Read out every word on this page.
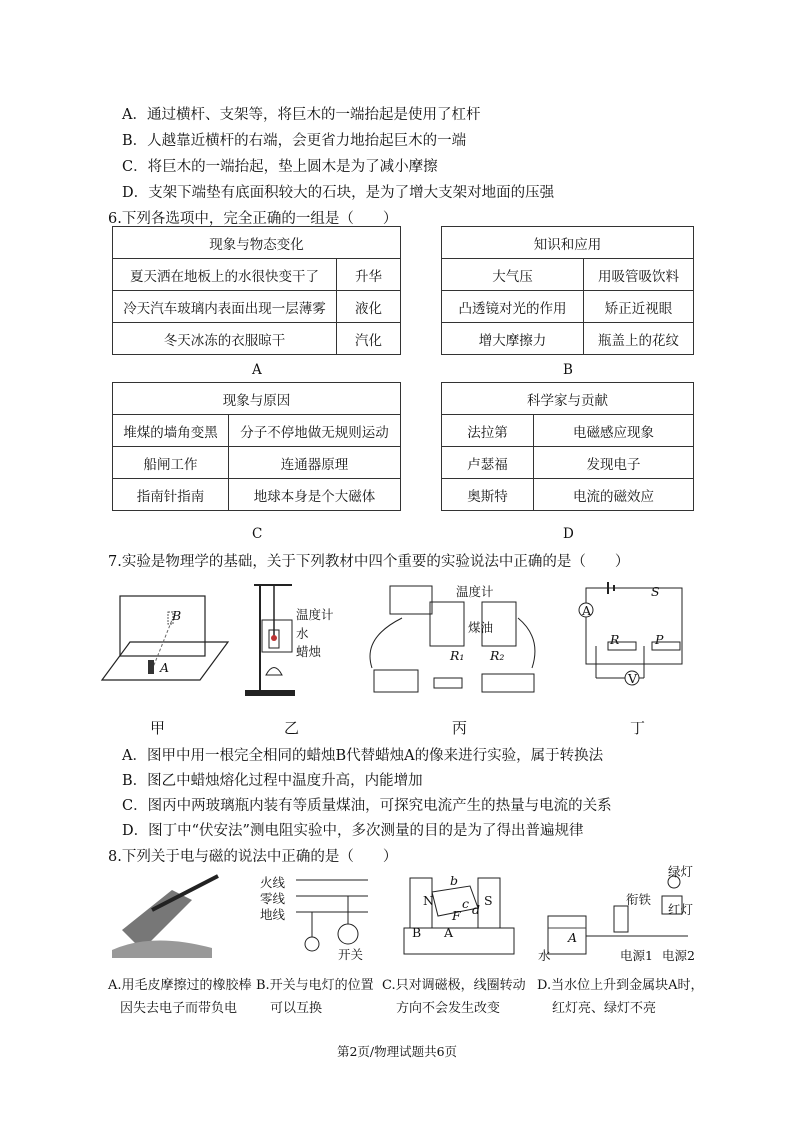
A．通过横杆、支架等，将巨木的一端抬起是使用了杠杆
B．人越靠近横杆的右端，会更省力地抬起巨木的一端
C．将巨木的一端抬起，垫上圆木是为了减小摩擦
D．支架下端垫有底面积较大的石块，是为了增大支架对地面的压强
6.下列各选项中，完全正确的一组是（　　）
现象与物态变化	
夏天洒在地板上的水很快变干了	升华
冷天汽车玻璃内表面出现一层薄雾	液化
冬天冰冻的衣服晾干	汽化
A
知识和应用	
大气压	用吸管吸饮料
凸透镜对光的作用	矫正近视眼
增大摩擦力	瓶盖上的花纹
B
现象与原因	
堆煤的墙角变黑	分子不停地做无规则运动
船闸工作	连通器原理
指南针指南	地球本身是个大磁体
C
科学家与贡献	
法拉第	电磁感应现象
卢瑟福	发现电子
奥斯特	电流的磁效应
D
7.实验是物理学的基础，关于下列教材中四个重要的实验说法中正确的是（　　）
B
A
温度计
水
蜡烛
温度计
煤油
R₁ R₂
S
A
R	P
V
甲	乙	丙	丁
A．图甲中用一根完全相同的蜡烛B代替蜡烛A的像来进行实验，属于转换法
B．图乙中蜡烛熔化过程中温度升高，内能增加
C．图丙中两玻璃瓶内装有等质量煤油，可探究电流产生的热量与电流的关系
D．图丁中“伏安法”测电阻实验中，多次测量的目的是为了得出普遍规律
8.下列关于电与磁的说法中正确的是（　　）
火线
零线
地线
开关
N	S
b
c d
F
B A
绿灯
衔铁
红灯
水
A
电源1 电源2
A.用毛皮摩擦过的橡胶棒
因失去电子而带负电
B.开关与电灯的位置
可以互换
C.只对调磁极，线圈转动
方向不会发生改变
D.当水位上升到金属块A时，
红灯亮、绿灯不亮
第2页/物理试题共6页
